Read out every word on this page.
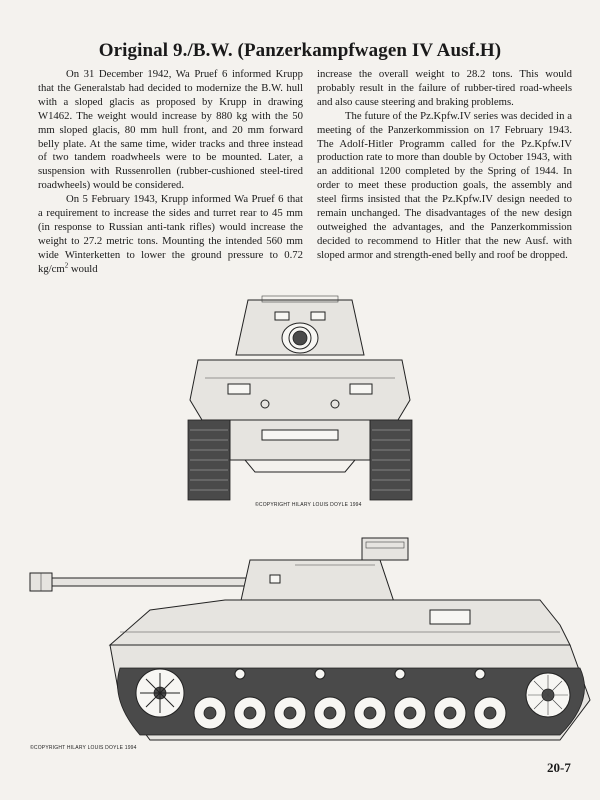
Original 9./B.W. (Panzerkampfwagen IV Ausf.H)

On 31 December 1942, Wa Pruef 6 informed Krupp that the Generalstab had decided to modernize the B.W. hull with a sloped glacis as proposed by Krupp in drawing W1462. The weight would increase by 880 kg with the 50 mm sloped glacis, 80 mm hull front, and 20 mm forward belly plate. At the same time, wider tracks and three instead of two tandem roadwheels were to be mounted. Later, a suspension with Russenrollen (rubber-cushioned steel-tired roadwheels) would be considered.

On 5 February 1943, Krupp informed Wa Pruef 6 that a requirement to increase the sides and turret rear to 45 mm (in response to Russian anti-tank rifles) would increase the weight to 27.2 metric tons. Mounting the intended 560 mm wide Winterketten to lower the ground pressure to 0.72 $kg/cm^2$ would

increase the overall weight to 28.2 tons. This would probably result in the failure of rubber-tired road-wheels and also cause steering and braking problems.

The future of the Pz.Kpfw.IV series was decided in a meeting of the Panzerkommission on 17 February 1943. The Adolf-Hitler Programm called for the Pz.Kpfw.IV production rate to more than double by October 1943, with an additional 1200 completed by the Spring of 1944. In order to meet these production goals, the assembly and steel firms insisted that the Pz.Kpfw.IV design needed to remain unchanged. The disadvantages of the new design outweighed the advantages, and the Panzerkommission decided to recommend to Hitler that the new Ausf. with sloped armor and strength-ened belly and roof be dropped.

©COPYRIGHT HILARY LOUIS DOYLE 1994
©COPYRIGHT HILARY LOUIS DOYLE 1994
20-7
